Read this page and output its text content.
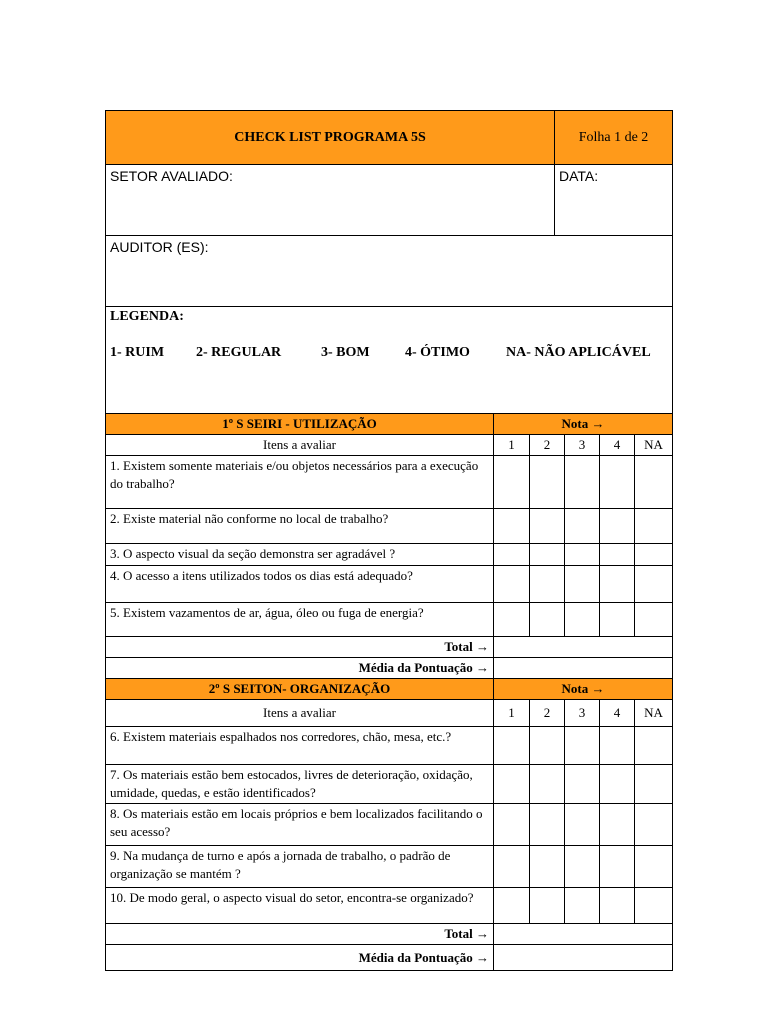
CHECK LIST PROGRAMA 5S	Folha 1 de 2

SETOR AVALIADO:	DATA:

AUDITOR (ES):	

LEGENDA:
1- RUIM 2- REGULAR 3- BOM 4- ÓTIMO NA- NÃO APLICÁVEL	
1º S SEIRI - UTILIZAÇÃO	Nota →				
Itens a avaliar	1	2	3	4	NA
1. Existem somente materiais e/ou objetos necessários para a execução do trabalho?					
2. Existe material não conforme no local de trabalho?					
3. O aspecto visual da seção demonstra ser agradável ?					
4. O acesso a itens utilizados todos os dias está adequado?					
5. Existem vazamentos de ar, água, óleo ou fuga de energia?					
Total →					
Média da Pontuação →					
2º S SEITON- ORGANIZAÇÃO	Nota →				
Itens a avaliar	1	2	3	4	NA
6. Existem materiais espalhados nos corredores, chão, mesa, etc.?					
7. Os materiais estão bem estocados, livres de deterioração, oxidação, umidade, quedas, e estão identificados?					
8. Os materiais estão em locais próprios e bem localizados facilitando o seu acesso?					
9. Na mudança de turno e após a jornada de trabalho, o padrão de organização se mantém ?					
10. De modo geral, o aspecto visual do setor, encontra-se organizado?					
Total →					
Média da Pontuação →					
